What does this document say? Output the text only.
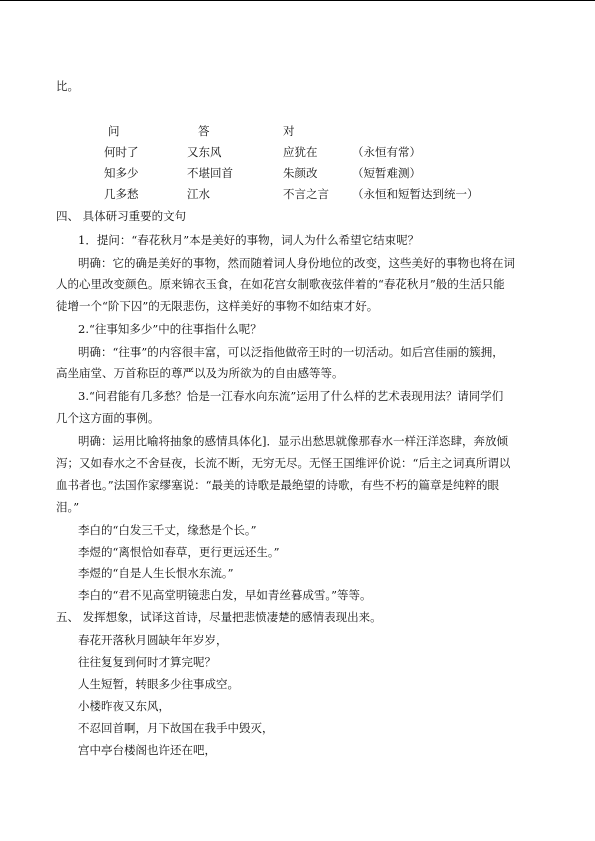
比。
问	答	对
何时了	又东风	应犹在	（永恒有常）
知多少	不堪回首	朱颜改	（短暂难测）
几多愁	江水	不言之言 （永恒和短暂达到统一）
四、 具体研习重要的文句
1．提问：“春花秋月”本是美好的事物，词人为什么希望它结束呢？
明确：它的确是美好的事物，然而随着词人身份地位的改变，这些美好的事物也将在词
人的心里改变颜色。原来锦衣玉食，在如花宫女制歌夜弦伴着的“春花秋月”般的生活只能
徒增一个“阶下囚”的无限悲伤，这样美好的事物不如结束才好。
2.“往事知多少”中的往事指什么呢？
明确：“往事”的内容很丰富，可以泛指他做帝王时的一切活动。如后宫佳丽的簇拥，
高坐庙堂、万首称臣的尊严以及为所欲为的自由感等等。
3.“问君能有几多愁？恰是一江春水向东流”运用了什么样的艺术表现用法？请同学们
几个这方面的事例。
明确：运用比喻将抽象的感情具体化]．显示出愁思就像那春水一样汪洋恣肆，奔放倾
泻；又如春水之不舍昼夜，长流不断，无穷无尽。无怪王国维评价说：“后主之词真所谓以
血书者也。”法国作家缪塞说：“最美的诗歌是最绝望的诗歌，有些不朽的篇章是纯粹的眼
泪。”
李白的“白发三千丈，缘愁是个长。”
李煜的“离恨恰如春草，更行更远还生。”
李煜的“自是人生长恨水东流。”
李白的“君不见高堂明镜悲白发，早如青丝暮成雪。”等等。
五、 发挥想象，试译这首诗，尽量把悲愤凄楚的感情表现出来。
春花开落秋月圆缺年年岁岁，
往往复复到何时才算完呢？
人生短暂，转眼多少往事成空。
小楼昨夜又东风，
不忍回首啊，月下故国在我手中毁灭，
宫中亭台楼阁也许还在吧，
